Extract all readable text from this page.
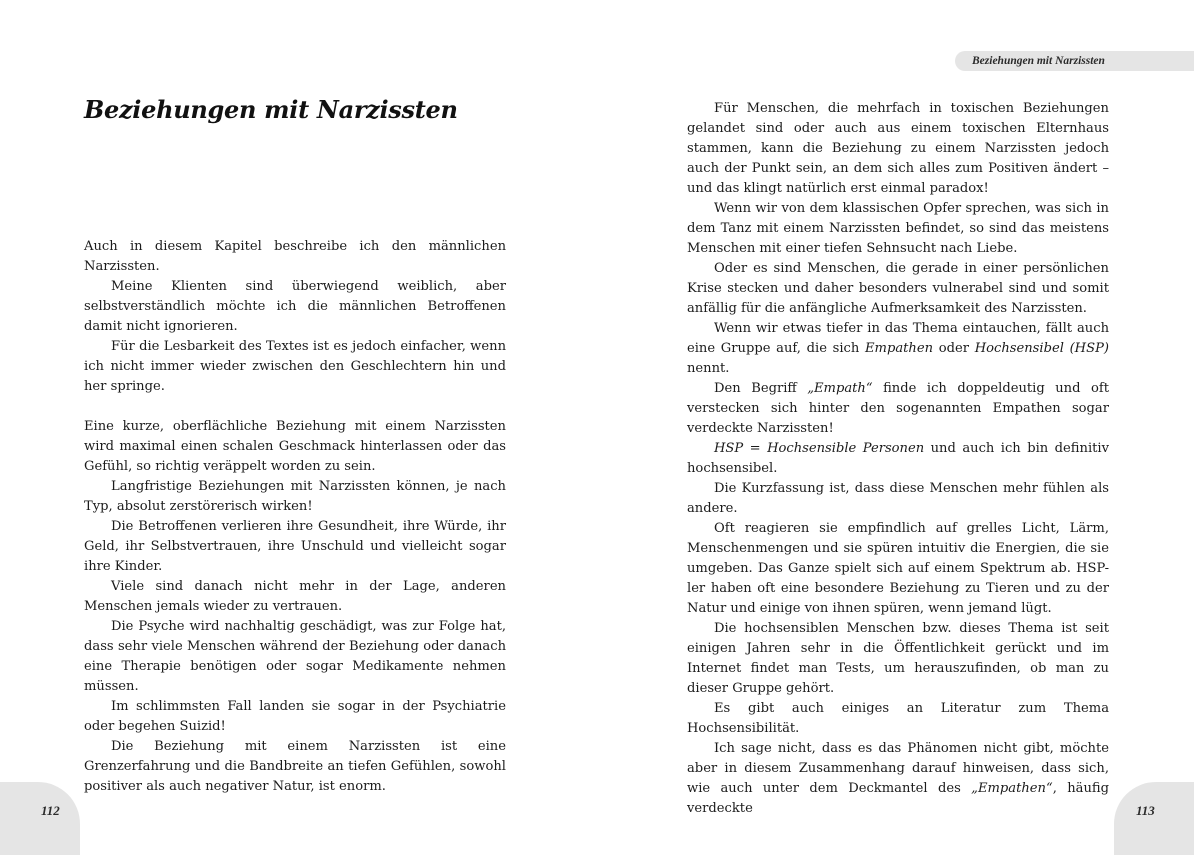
Beziehungen mit Narzissten
Beziehungen mit Narzissten

Auch in diesem Kapitel beschreibe ich den männlichen Narzissten.

Meine Klienten sind überwiegend weiblich, aber selbstverständlich möchte ich die männlichen Betroffenen damit nicht ignorieren.

Für die Lesbarkeit des Textes ist es jedoch einfacher, wenn ich nicht immer wieder zwischen den Geschlechtern hin und her springe.

Eine kurze, oberflächliche Beziehung mit einem Narzissten wird maximal einen schalen Geschmack hinterlassen oder das Gefühl, so richtig veräppelt worden zu sein.

Langfristige Beziehungen mit Narzissten können, je nach Typ, absolut zerstörerisch wirken!

Die Betroffenen verlieren ihre Gesundheit, ihre Würde, ihr Geld, ihr Selbstvertrauen, ihre Unschuld und vielleicht sogar ihre Kinder.

Viele sind danach nicht mehr in der Lage, anderen Menschen jemals wieder zu vertrauen.

Die Psyche wird nachhaltig geschädigt, was zur Folge hat, dass sehr viele Menschen während der Beziehung oder danach eine Therapie benötigen oder sogar Medikamente nehmen müssen.

Im schlimmsten Fall landen sie sogar in der Psychiatrie oder begehen Suizid!

Die Beziehung mit einem Narzissten ist eine Grenzerfahrung und die Bandbreite an tiefen Gefühlen, sowohl positiver als auch negativer Natur, ist enorm.

Für Menschen, die mehrfach in toxischen Beziehungen gelandet sind oder auch aus einem toxischen Elternhaus stammen, kann die Beziehung zu einem Narzissten jedoch auch der Punkt sein, an dem sich alles zum Positiven ändert – und das klingt natürlich erst einmal paradox!

Wenn wir von dem klassischen Opfer sprechen, was sich in dem Tanz mit einem Narzissten befindet, so sind das meistens Menschen mit einer tiefen Sehnsucht nach Liebe.

Oder es sind Menschen, die gerade in einer persönlichen Krise stecken und daher besonders vulnerabel sind und somit anfällig für die anfängliche Aufmerksamkeit des Narzissten.

Wenn wir etwas tiefer in das Thema eintauchen, fällt auch eine Gruppe auf, die sich Empathen oder Hochsensibel (HSP) nennt.

Den Begriff „Empath“ finde ich doppeldeutig und oft verstecken sich hinter den sogenannten Empathen sogar verdeckte Narzissten!

HSP = Hochsensible Personen und auch ich bin definitiv hochsensibel.

Die Kurzfassung ist, dass diese Menschen mehr fühlen als andere.

Oft reagieren sie empfindlich auf grelles Licht, Lärm, Menschenmengen und sie spüren intuitiv die Energien, die sie umgeben. Das Ganze spielt sich auf einem Spektrum ab. HSP-ler haben oft eine besondere Beziehung zu Tieren und zu der Natur und einige von ihnen spüren, wenn jemand lügt.

Die hochsensiblen Menschen bzw. dieses Thema ist seit einigen Jahren sehr in die Öffentlichkeit gerückt und im Internet findet man Tests, um herauszufinden, ob man zu dieser Gruppe gehört.

Es gibt auch einiges an Literatur zum Thema Hochsensibilität.

Ich sage nicht, dass es das Phänomen nicht gibt, möchte aber in diesem Zusammenhang darauf hinweisen, dass sich, wie auch unter dem Deckmantel des „Empathen“, häufig verdeckte

112	113
